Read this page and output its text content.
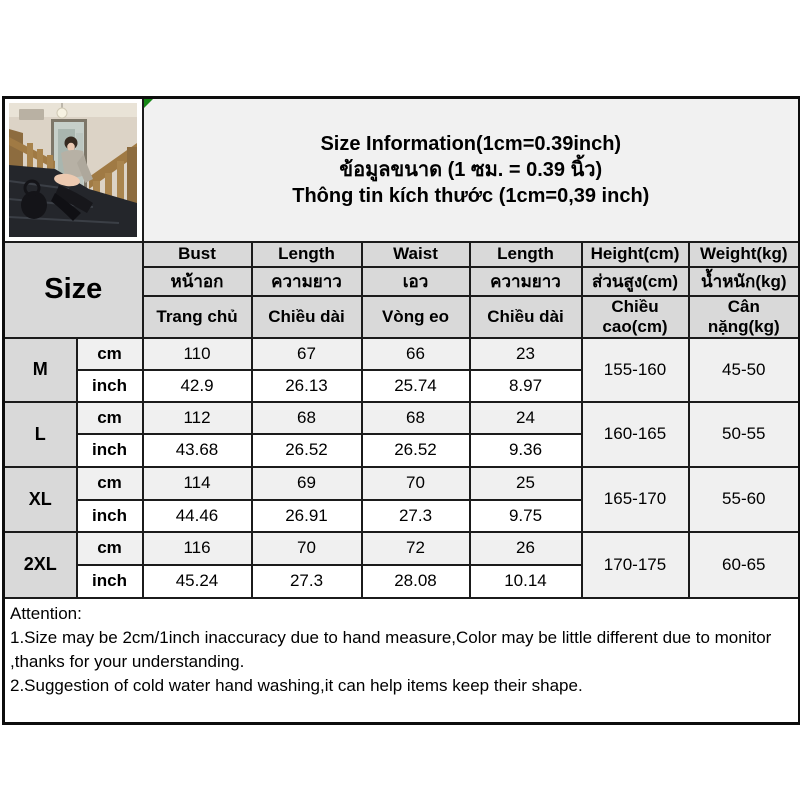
Size Information(1cm=0.39inch)
ข้อมูลขนาด (1 ซม. = 0.39 นิ้ว)
Thông tin kích thước (1cm=0,39 inch)					

Size		Bust	Length	Waist	Length	Height(cm)	Weight(kg)
		หน้าอก	ความยาว	เอว	ความยาว	ส่วนสูง(cm)	น้ำหนัก(kg)
		Trang chủ	Chiều dài	Vòng eo	Chiều dài	Chiều cao(cm)	Cân nặng(kg)
M	cm	110	67	66	23	155-160	45-50
	inch	42.9	26.13	25.74	8.97		
L	cm	112	68	68	24	160-165	50-55
	inch	43.68	26.52	26.52	9.36		
XL	cm	114	69	70	25	165-170	55-60
	inch	44.46	26.91	27.3	9.75		
2XL	cm	116	70	72	26	170-175	60-65
	inch	45.24	27.3	28.08	10.14		

Attention:
1.Size may be 2cm/1inch inaccuracy due to hand measure,Color may be little different due to monitor ,thanks for your understanding.
2.Suggestion of cold water hand washing,it can help items keep their shape.							
